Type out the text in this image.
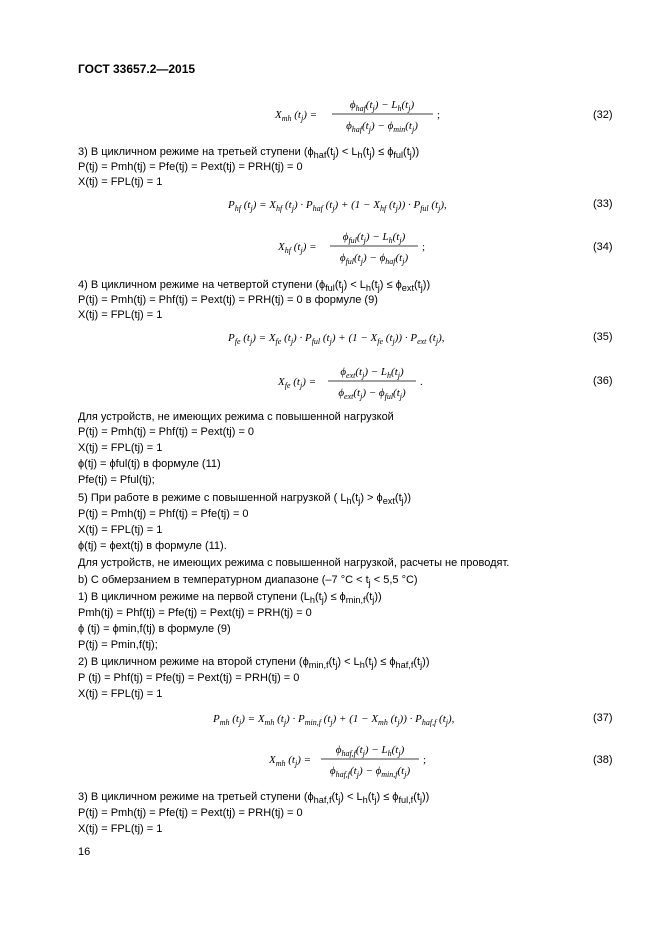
ГОСТ 33657.2—2015
$X_{mh}$ $(t_j)$ =
$\phi_{haf}(t_j) - L_h(t_j)$
$\phi_{haf}(t_j) - \phi_{min}(t_j)$
;	(32)
3) В цикличном режиме на третьей ступени $(\phi_{haf}(t_j) < L_h(t_j) \le \phi_{ful}(t_j))$
P(tj) = Pmh(tj) = Pfe(tj) = Pext(tj) = PRH(tj) = 0
X(tj) = FPL(tj) = 1
$P_{hf}$ $(t_j) = X_{hf}$ $(t_j) \cdot P_{haf}$ $(t_j) + (1 - X_{hf}$ $(t_j)) \cdot P_{ful}$ $(t_j)$,	(33)
$X_{hf}$ $(t_j)$ =
$\phi_{ful}(t_j) - L_h(t_j)$
$\phi_{ful}(t_j) - \phi_{haf}(t_j)$
;	(34)
4) В цикличном режиме на четвертой ступени $(\phi_{ful}(t_j) < L_h(t_j) \le \phi_{ext}(t_j))$
P(tj) = Pmh(tj) = Phf(tj) = Pext(tj) = PRH(tj) = 0 в формуле (9)
X(tj) = FPL(tj) = 1
$P_{fe}$ $(t_j) = X_{fe}$ $(t_j) \cdot P_{ful}$ $(t_j) + (1 - X_{fe}$ $(t_j)) \cdot P_{ext}$ $(t_j)$,	(35)
$X_{fe}$ $(t_j)$ =
$\phi_{ext}(t_j) - L_h(t_j)$
$\phi_{ext}(t_j) - \phi_{ful}(t_j)$
.	(36)
Для устройств, не имеющих режима с повышенной нагрузкой
P(tj) = Pmh(tj) = Phf(tj) = Pext(tj) = 0
X(tj) = FPL(tj) = 1
ϕ(tj) = ϕful(tj) в формуле (11)
Pfe(tj) = Pful(tj);
5) При работе в режиме с повышенной нагрузкой ( $L_h(t_j) > \phi_{ext}(t_j)$)
P(tj) = Pmh(tj) = Phf(tj) = Pfe(tj) = 0
X(tj) = FPL(tj) = 1
ϕ(tj) = ϕext(tj) в формуле (11).
Для устройств, не имеющих режима с повышенной нагрузкой, расчеты не проводят.
b) С обмерзанием в температурном диапазоне (–7 $^\circ C < t_j < 5,5$ °C)
1) В цикличном режиме на первой ступени $(L_h(t_j) \le \phi_{min,f}(t_j))$
Pmh(tj) = Phf(tj) = Pfe(tj) = Pext(tj) = PRH(tj) = 0
ϕ (tj) = ϕmin,f(tj) в формуле (9)
P(tj) = Pmin,f(tj);
2) В цикличном режиме на второй ступени $(\phi_{min,f}(t_j) < L_h(t_j) \le \phi_{haf,f}(t_j))$
P (tj) = Phf(tj) = Pfe(tj) = Pext(tj) = PRH(tj) = 0
X(tj) = FPL(tj) = 1
$P_{mh}$ $(t_j) = X_{mh}$ $(t_j) \cdot P_{min,f}$ $(t_j) + (1 - X_{mh}$ $(t_j)) \cdot P_{haf,f}$ $(t_j)$,	(37)
$X_{mh}$ $(t_j)$ =
$\phi_{haf,f}(t_j) - L_h(t_j)$
$\phi_{haf,f}(t_j) - \phi_{min,f}(t_j)$
;	(38)
3) В цикличном режиме на третьей ступени $(\phi_{haf,f}(t_j) < L_h(t_j) \le \phi_{ful,f}(t_j))$
P(tj) = Pmh(tj) = Pfe(tj) = Pext(tj) = PRH(tj) = 0
X(tj) = FPL(tj) = 1
16
